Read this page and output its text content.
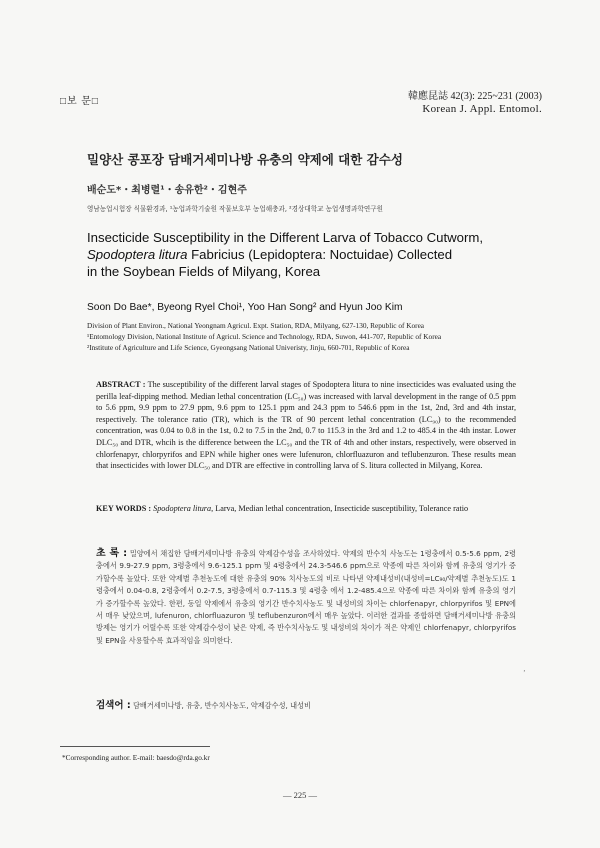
□보 문□	韓應昆誌 42(3): 225~231 (2003)
Korean J. Appl. Entomol.
밀양산 콩포장 담배거세미나방 유충의 약제에 대한 감수성
배순도*・최병렬¹・송유한²・김현주
영남농업시험장 식물환경과, ¹농업과학기술원 작물보호부 농업해충과, ²경상대학교 농업생명과학연구원
Insecticide Susceptibility in the Different Larva of Tobacco Cutworm,
Spodoptera litura Fabricius (Lepidoptera: Noctuidae) Collected
in the Soybean Fields of Milyang, Korea
Soon Do Bae*, Byeong Ryel Choi¹, Yoo Han Song² and Hyun Joo Kim
Division of Plant Environ., National Yeongnam Agricul. Expt. Station, RDA, Milyang, 627-130, Republic of Korea
¹Entomology Division, National Institute of Agricul. Science and Technology, RDA, Suwon, 441-707, Republic of Korea
²Institute of Agriculture and Life Science, Gyeongsang National Univeristy, Jinju, 660-701, Republic of Korea
ABSTRACT : The susceptibility of the different larval stages of Spodoptera litura to nine insecticides was evaluated using the perilla leaf-dipping method. Median lethal concentration (LC₅₀) was increased with larval development in the range of 0.5 ppm to 5.6 ppm, 9.9 ppm to 27.9 ppm, 9.6 ppm to 125.1 ppm and 24.3 ppm to 546.6 ppm in the 1st, 2nd, 3rd and 4th instar, respectively. The tolerance ratio (TR), which is the TR of 90 percent lethal concentration (LC₉₀) to the recommended concentration, was 0.04 to 0.8 in the 1st, 0.2 to 7.5 in the 2nd, 0.7 to 115.3 in the 3rd and 1.2 to 485.4 in the 4th instar. Lower DLC₅₀ and DTR, whcih is the difference between the LC₅₀ and the TR of 4th and other instars, respectively, were observed in chlorfenapyr, chlorpyrifos and EPN while higher ones were lufenuron, chlorfluazuron and teflubenzuron. These results mean that insecticides with lower DLC₅₀ and DTR are effective in controlling larva of S. litura collected in Milyang, Korea.
KEY WORDS : Spodoptera litura, Larva, Median lethal concentration, Insecticide susceptibility, Tolerance ratio
초 록 : 밀양에서 채집한 담배거세미나방 유충의 약제감수성을 조사하였다. 약제의 반수치 사농도는 1령충에서 0.5-5.6 ppm, 2령충에서 9.9-27.9 ppm, 3령충에서 9.6-125.1 ppm 및 4령충에서 24.3-546.6 ppm으로 약종에 따른 차이와 함께 유충의 영기가 증가할수록 높았다. 또한 약제별 추천농도에 대한 유충의 90% 치사농도의 비로 나타낸 약제내성비(내성비=LC₉₀/약제별 추천농도)도 1령충에서 0.04-0.8, 2령충에서 0.2-7.5, 3령충에서 0.7-115.3 및 4령충 에서 1.2-485.4으로 약종에 따른 차이와 함께 유충의 영기가 증가할수록 높았다. 한편, 동일 약제에서 유충의 영기간 반수치사농도 및 내성비의 차이는 chlorfenapyr, chlorpyrifos 및 EPN에서 매우 낮았으며, lufenuron, chlorfluazuron 및 teflubenzuron에서 매우 높았다. 이러한 결과를 종합하면 담배거세미나방 유충의 방제는 영기가 어릴수록 또한 약제감수성이 낮은 약제, 즉 반수치사농도 및 내성비의 차이가 적은 약제인 chlorfenapyr, chlorpyrifos 및 EPN을 사용할수록 효과적임을 의미한다.
검색어 : 담배거세미나방, 유충, 반수치사농도, 약제감수성, 내성비
‚
*Corresponding author. E-mail: baesdo@rda.go.kr
— 225 —
